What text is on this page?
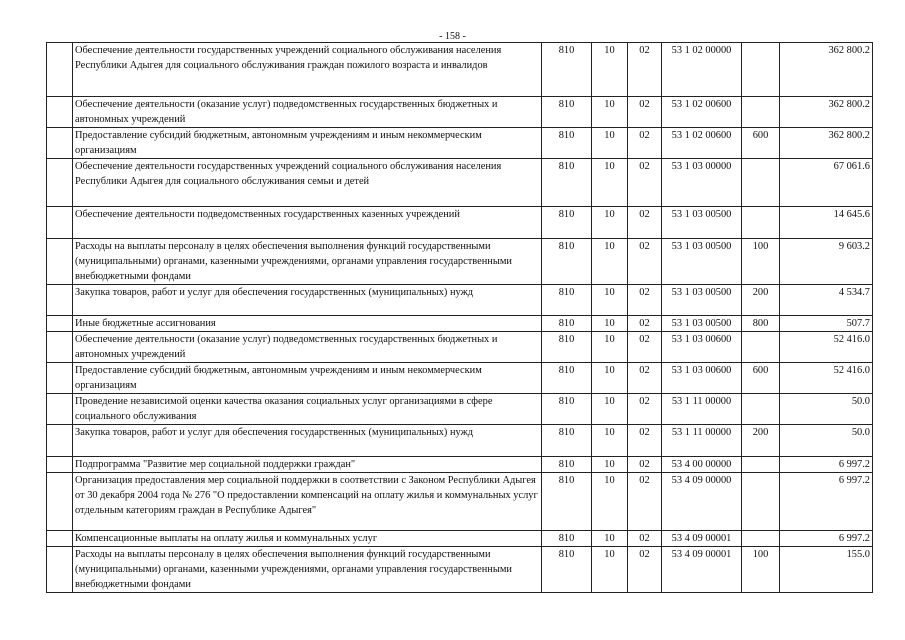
- 158 -
	Обеспечение деятельности государственных учреждений социального обслуживания населения Республики Адыгея для социального обслуживания граждан пожилого возраста и инвалидов	810	10	02	53 1 02 00000		362 800.2
	Обеспечение деятельности (оказание услуг) подведомственных государственных бюджетных и автономных учреждений	810	10	02	53 1 02 00600		362 800.2
	Предоставление субсидий бюджетным, автономным учреждениям и иным некоммерческим организациям	810	10	02	53 1 02 00600	600	362 800.2
	Обеспечение деятельности государственных учреждений социального обслуживания населения Республики Адыгея для социального обслуживания семьи и детей	810	10	02	53 1 03 00000		67 061.6
	Обеспечение деятельности подведомственных государственных казенных учреждений	810	10	02	53 1 03 00500		14 645.6
	Расходы на выплаты персоналу в целях обеспечения выполнения функций государственными (муниципальными) органами, казенными учреждениями, органами управления государственными внебюджетными фондами	810	10	02	53 1 03 00500	100	9 603.2
	Закупка товаров, работ и услуг для обеспечения государственных (муниципальных) нужд	810	10	02	53 1 03 00500	200	4 534.7
	Иные бюджетные ассигнования	810	10	02	53 1 03 00500	800	507.7
	Обеспечение деятельности (оказание услуг) подведомственных государственных бюджетных и автономных учреждений	810	10	02	53 1 03 00600		52 416.0
	Предоставление субсидий бюджетным, автономным учреждениям и иным некоммерческим организациям	810	10	02	53 1 03 00600	600	52 416.0
	Проведение независимой оценки качества оказания социальных услуг организациями в сфере социального обслуживания	810	10	02	53 1 11 00000		50.0
	Закупка товаров, работ и услуг для обеспечения государственных (муниципальных) нужд	810	10	02	53 1 11 00000	200	50.0
	Подпрограмма "Развитие мер социальной поддержки граждан"	810	10	02	53 4 00 00000		6 997.2
	Организация предоставления мер социальной поддержки в соответствии с Законом Республики Адыгея от 30 декабря 2004 года № 276 "О предоставлении компенсаций на оплату жилья и коммунальных услуг отдельным категориям граждан в Республике Адыгея"	810	10	02	53 4 09 00000		6 997.2
	Компенсационные выплаты на оплату жилья и коммунальных услуг	810	10	02	53 4 09 00001		6 997.2
	Расходы на выплаты персоналу в целях обеспечения выполнения функций государственными (муниципальными) органами, казенными учреждениями, органами управления государственными внебюджетными фондами	810	10	02	53 4 09 00001	100	155.0
